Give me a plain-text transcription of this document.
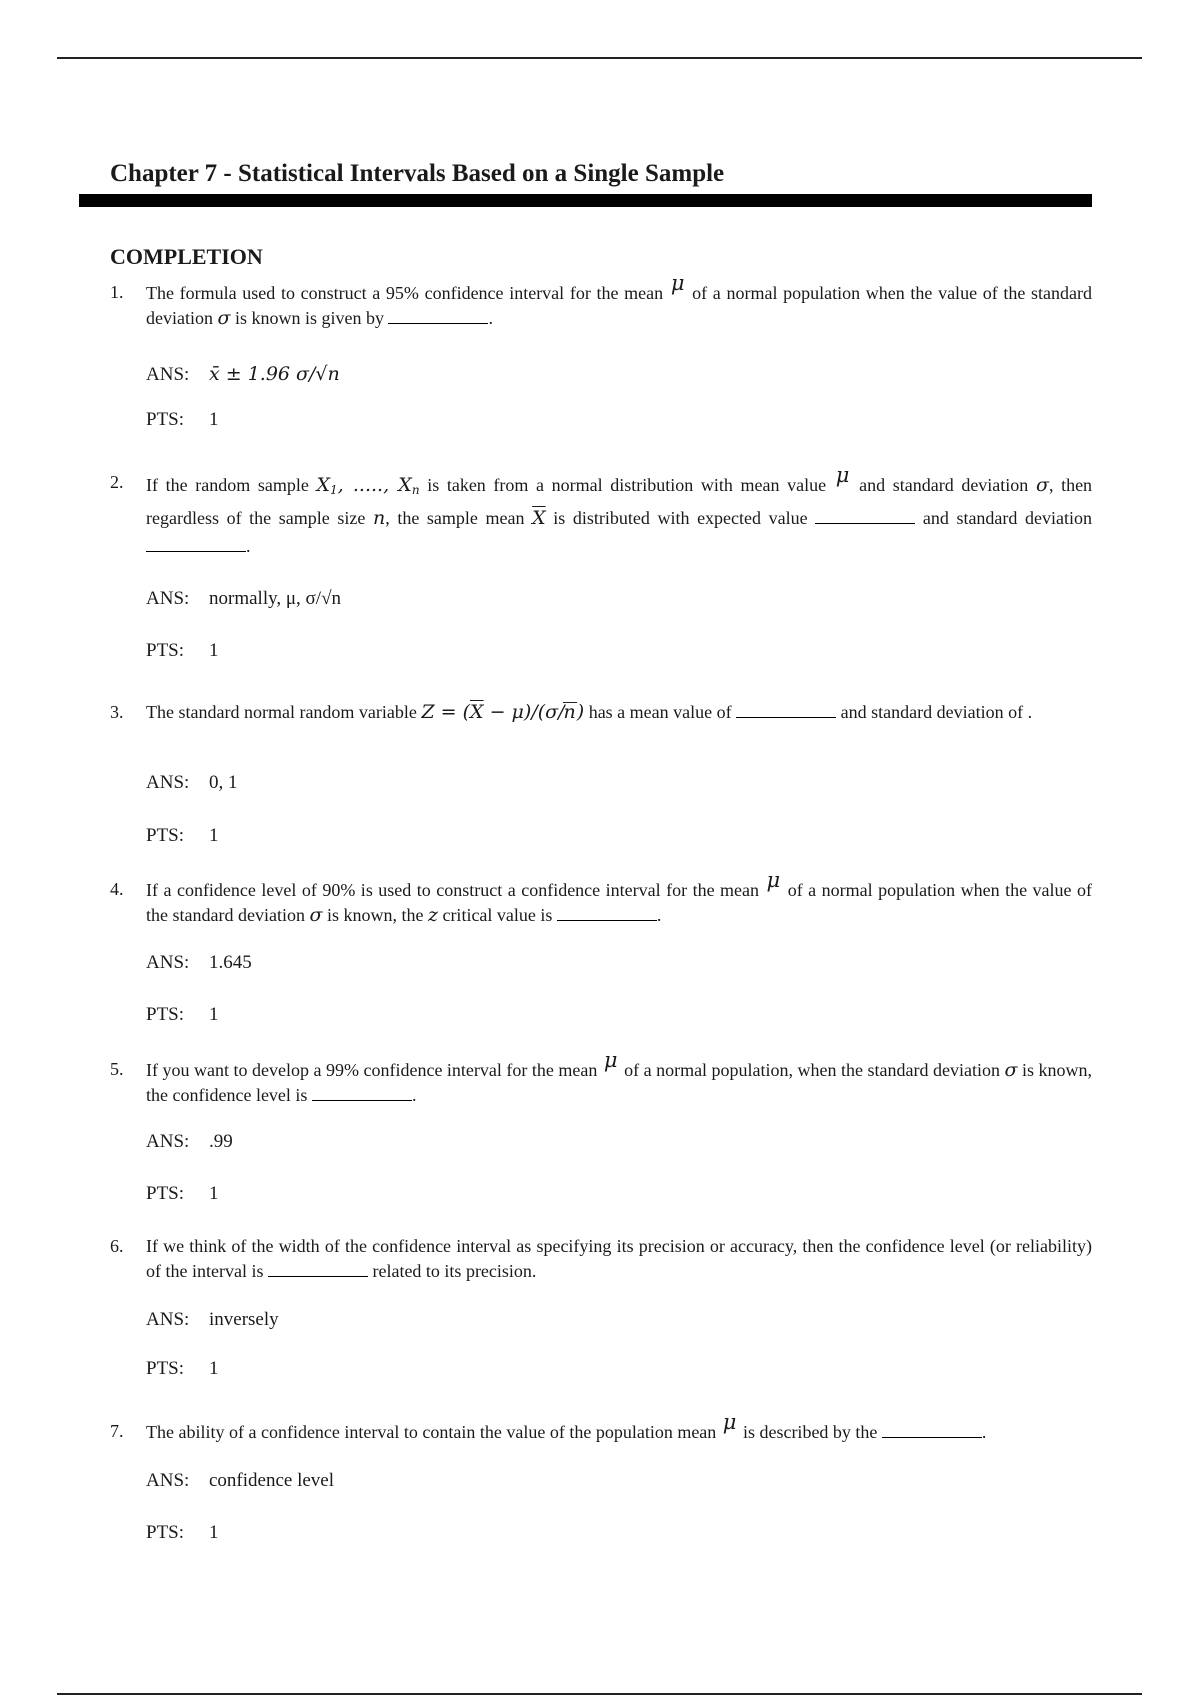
Chapter 7 - Statistical Intervals Based on a Single Sample
COMPLETION
1. The formula used to construct a 95% confidence interval for the mean μ of a normal population when the value of the standard deviation σ is known is given by	.
ANS: x̄ ± 1.96 σ/√n
PTS: 1
2. If the random sample $X_1$, ....., $X_n$ is taken from a normal distribution with mean value μ and standard deviation σ, then regardless of the sample size n, the sample mean $\overline{X}$ is distributed with expected value	and standard deviation .
ANS: normally, μ, σ/√n
PTS: 1
3. The standard normal random variable $Z = (\overline{X} - \mu)/(\sigma/n)$ has a mean value of	and standard deviation of .
ANS: 0, 1
PTS: 1
4. If a confidence level of 90% is used to construct a confidence interval for the mean μ of a normal population when the value of the standard deviation σ is known, the z critical value is	.
ANS: 1.645
PTS: 1
5. If you want to develop a 99% confidence interval for the mean μ of a normal population, when the standard deviation σ is known, the confidence level is	.
ANS: .99
PTS: 1
6. If we think of the width of the confidence interval as specifying its precision or accuracy, then the confidence level (or reliability) of the interval is	related to its precision.
ANS: inversely
PTS: 1
7. The ability of a confidence interval to contain the value of the population mean μ is described by the	.
ANS: confidence level
PTS: 1
